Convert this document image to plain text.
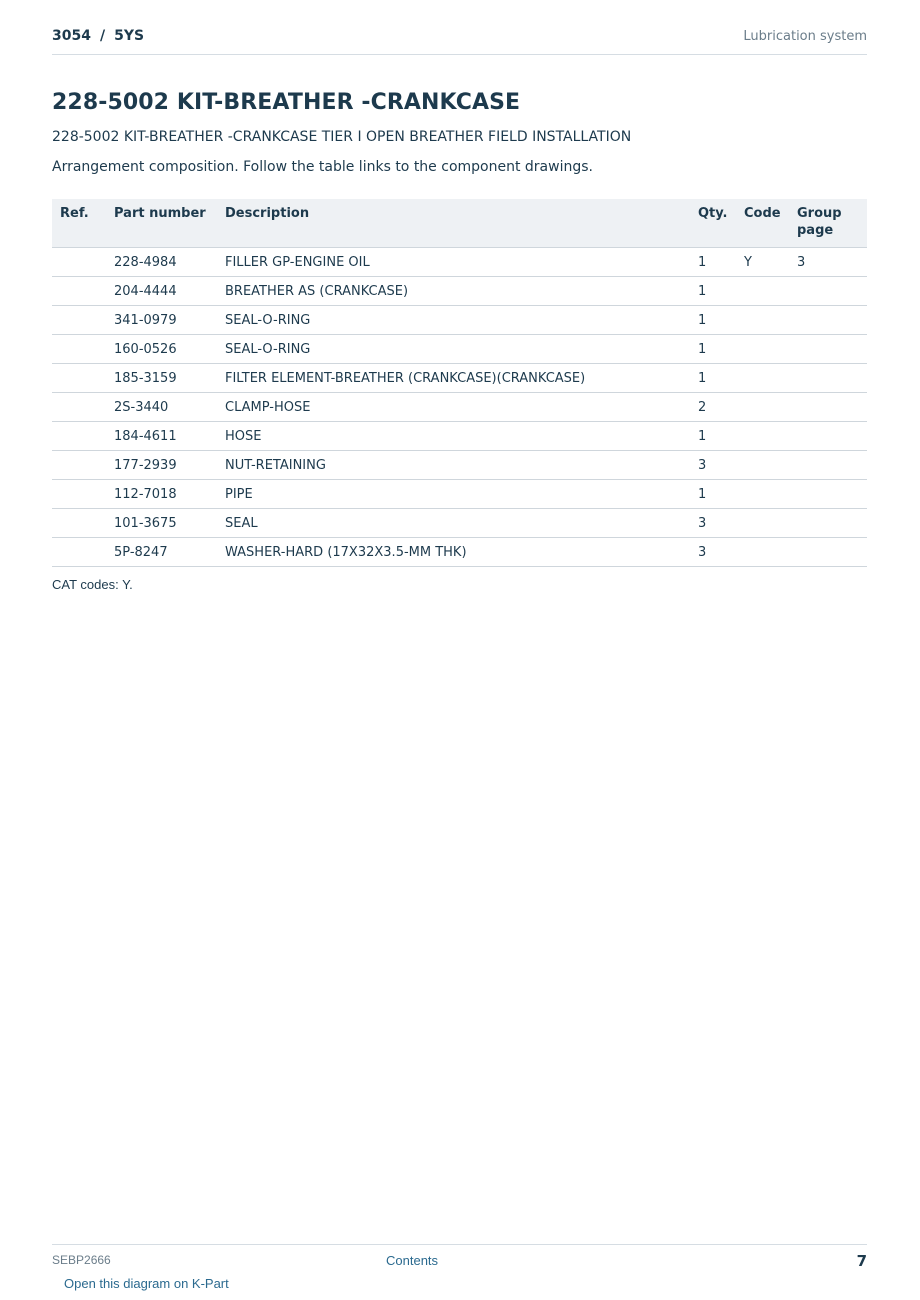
3054 / 5YS	Lubrication system
228-5002 KIT-BREATHER -CRANKCASE
228-5002 KIT-BREATHER -CRANKCASE TIER I OPEN BREATHER FIELD INSTALLATION
Arrangement composition. Follow the table links to the component drawings.
Ref.	Part number	Description	Qty.	Code	Group page
	228-4984	FILLER GP-ENGINE OIL	1	Y	3
	204-4444	BREATHER AS (CRANKCASE)	1		
	341-0979	SEAL-O-RING	1		
	160-0526	SEAL-O-RING	1		
	185-3159	FILTER ELEMENT-BREATHER (CRANKCASE)(CRANKCASE)	1		
	2S-3440	CLAMP-HOSE	2		
	184-4611	HOSE	1		
	177-2939	NUT-RETAINING	3		
	112-7018	PIPE	1		
	101-3675	SEAL	3		
	5P-8247	WASHER-HARD (17X32X3.5-MM THK)	3		
CAT codes: Y.
SEBP2666	Contents	7
Open this diagram on K-Part
